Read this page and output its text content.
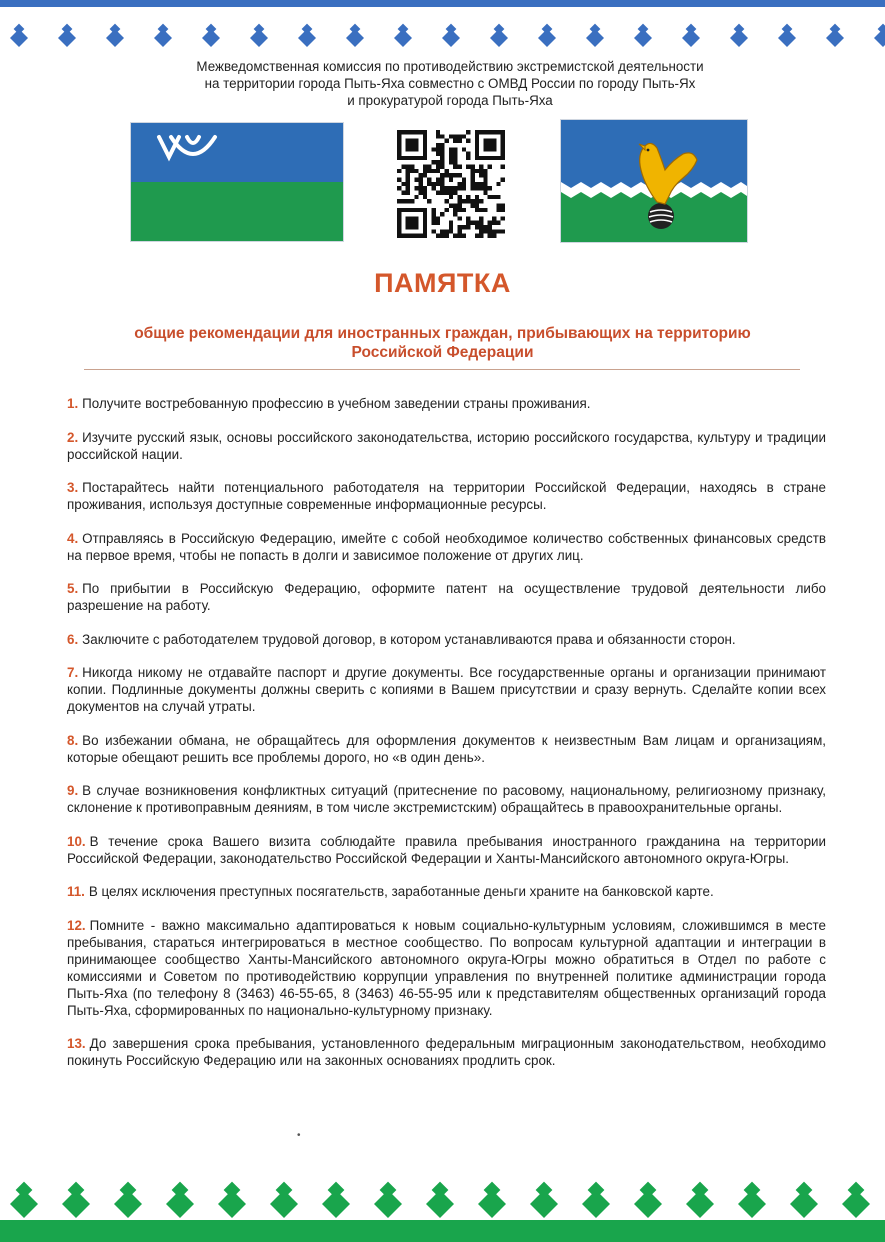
Межведомственная комиссия по противодействию экстремистской деятельности
на территории города Пыть-Яха совместно с ОМВД России по городу Пыть-Ях
и прокуратурой города Пыть-Яха
ПАМЯТКА
общие рекомендации для иностранных граждан, прибывающих на территорию
Российской Федерации
1. Получите востребованную профессию в учебном заведении страны проживания.
2. Изучите русский язык, основы российского законодательства, историю российского государства, культуру и традиции российской нации.
3. Постарайтесь найти потенциального работодателя на территории Российской Федерации, находясь в стране проживания, используя доступные современные информационные ресурсы.
4. Отправляясь в Российскую Федерацию, имейте с собой необходимое количество собственных финансовых средств на первое время, чтобы не попасть в долги и зависимое положение от других лиц.
5. По прибытии в Российскую Федерацию, оформите патент на осуществление трудовой деятельности либо разрешение на работу.
6. Заключите с работодателем трудовой договор, в котором устанавливаются права и обязанности сторон.
7. Никогда никому не отдавайте паспорт и другие документы. Все государственные органы и организации принимают копии. Подлинные документы должны сверить с копиями в Вашем присутствии и сразу вернуть. Сделайте копии всех документов на случай утраты.
8. Во избежании обмана, не обращайтесь для оформления документов к неизвестным Вам лицам и организациям, которые обещают решить все проблемы дорого, но «в один день».
9. В случае возникновения конфликтных ситуаций (притеснение по расовому, национальному, религиозному признаку, склонение к противоправным деяниям, в том числе экстремистским) обращайтесь в правоохранительные органы.
10. В течение срока Вашего визита соблюдайте правила пребывания иностранного гражданина на территории Российской Федерации, законодательство Российской Федерации и Ханты-Мансийского автономного округа-Югры.
11. В целях исключения преступных посягательств, заработанные деньги храните на банковской карте.
12. Помните - важно максимально адаптироваться к новым социально-культурным условиям, сложившимся в месте пребывания, стараться интегрироваться в местное сообщество. По вопросам культурной адаптации и интеграции в принимающее сообщество Ханты-Мансийского автономного округа-Югры можно обратиться в Отдел по работе с комиссиями и Советом по противодействию коррупции управления по внутренней политике администрации города Пыть-Яха (по телефону 8 (3463) 46-55-65, 8 (3463) 46-55-95 или к представителям общественных организаций города Пыть-Яха, сформированных по национально-культурному признаку.
13. До завершения срока пребывания, установленного федеральным миграционным законодательством, необходимо покинуть Российскую Федерацию или на законных основаниях продлить срок.
•
